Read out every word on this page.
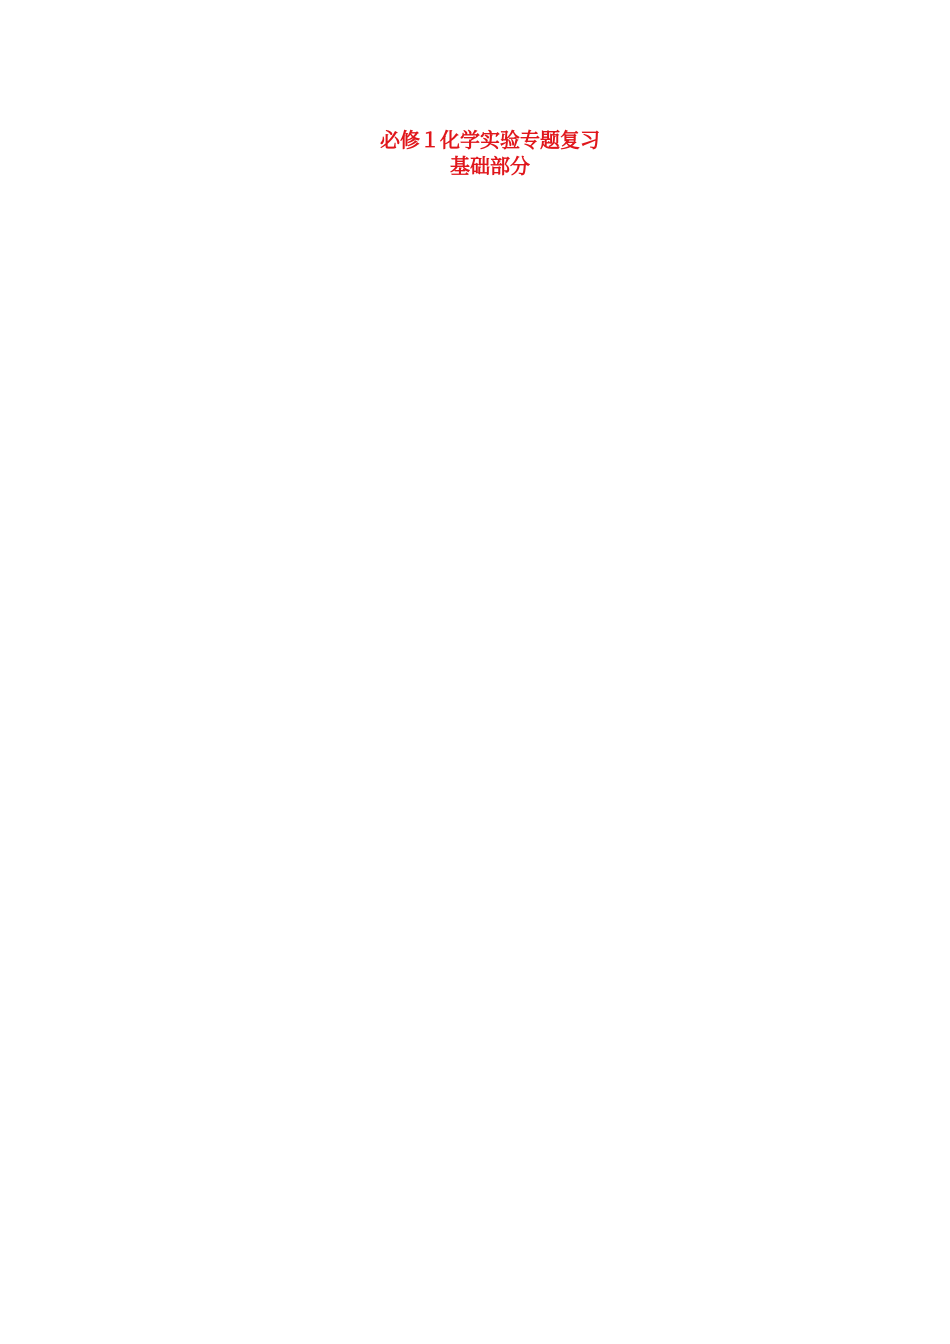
必修１化学实验专题复习
基础部分
